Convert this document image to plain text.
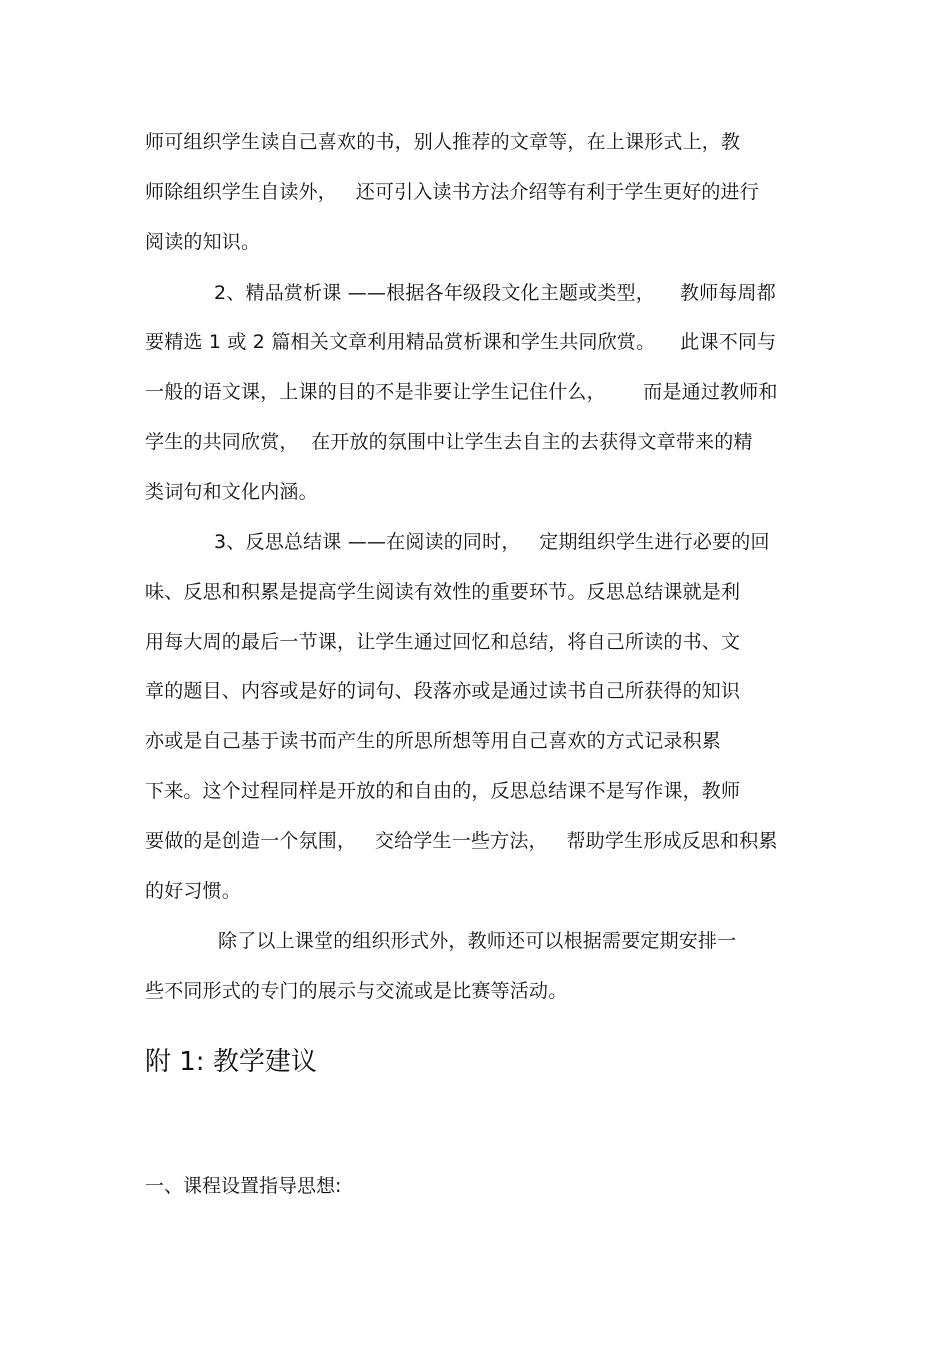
师可组织学生读自己喜欢的书，别人推荐的文章等，在上课形式上，教
师除组织学生自读外，   还可引入读书方法介绍等有利于学生更好的进行
阅读的知识。
2、精品赏析课 ——根据各年级段文化主题或类型，    教师每周都
要精选 1 或 2 篇相关文章利用精品赏析课和学生共同欣赏。    此课不同与
一般的语文课，上课的目的不是非要让学生记住什么，      而是通过教师和
学生的共同欣赏，  在开放的氛围中让学生去自主的去获得文章带来的精
类词句和文化内涵。
3、反思总结课 ——在阅读的同时，   定期组织学生进行必要的回
味、反思和积累是提高学生阅读有效性的重要环节。反思总结课就是利
用每大周的最后一节课，让学生通过回忆和总结，将自己所读的书、文
章的题目、内容或是好的词句、段落亦或是通过读书自己所获得的知识
亦或是自己基于读书而产生的所思所想等用自己喜欢的方式记录积累
下来。这个过程同样是开放的和自由的，反思总结课不是写作课，教师
要做的是创造一个氛围，   交给学生一些方法，   帮助学生形成反思和积累
的好习惯。
除了以上课堂的组织形式外，教师还可以根据需要定期安排一
些不同形式的专门的展示与交流或是比赛等活动。
附 1: 教学建议
一、课程设置指导思想:
